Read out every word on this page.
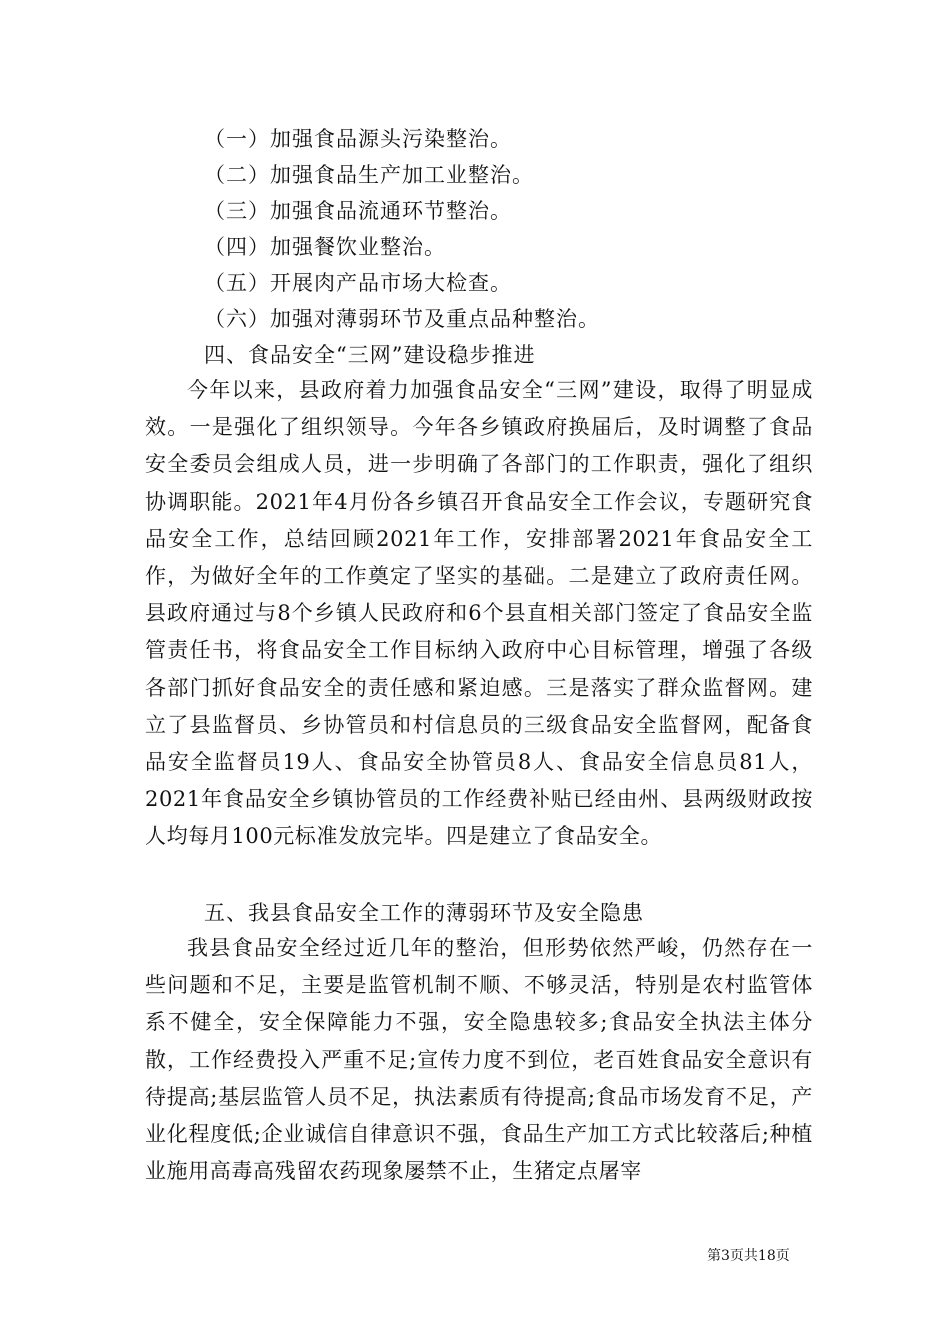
（一）加强食品源头污染整治。
（二）加强食品生产加工业整治。
（三）加强食品流通环节整治。
（四）加强餐饮业整治。
（五）开展肉产品市场大检查。
（六）加强对薄弱环节及重点品种整治。
四、食品安全“三网”建设稳步推进

今年以来，县政府着力加强食品安全“三网”建设，取得了明显成效。一是强化了组织领导。今年各乡镇政府换届后，及时调整了食品安全委员会组成人员，进一步明确了各部门的工作职责，强化了组织协调职能。2021年4月份各乡镇召开食品安全工作会议，专题研究食品安全工作，总结回顾2021年工作，安排部署2021年食品安全工作，为做好全年的工作奠定了坚实的基础。二是建立了政府责任网。县政府通过与8个乡镇人民政府和6个县直相关部门签定了食品安全监管责任书，将食品安全工作目标纳入政府中心目标管理，增强了各级各部门抓好食品安全的责任感和紧迫感。三是落实了群众监督网。建立了县监督员、乡协管员和村信息员的三级食品安全监督网，配备食品安全监督员19人、食品安全协管员8人、食品安全信息员81人，2021年食品安全乡镇协管员的工作经费补贴已经由州、县两级财政按人均每月100元标准发放完毕。四是建立了食品安全。

五、我县食品安全工作的薄弱环节及安全隐患

我县食品安全经过近几年的整治，但形势依然严峻，仍然存在一些问题和不足，主要是监管机制不顺、不够灵活，特别是农村监管体系不健全，安全保障能力不强，安全隐患较多;食品安全执法主体分散，工作经费投入严重不足;宣传力度不到位，老百姓食品安全意识有待提高;基层监管人员不足，执法素质有待提高;食品市场发育不足，产业化程度低;企业诚信自律意识不强，食品生产加工方式比较落后;种植业施用高毒高残留农药现象屡禁不止，生猪定点屠宰

第3页共18页
